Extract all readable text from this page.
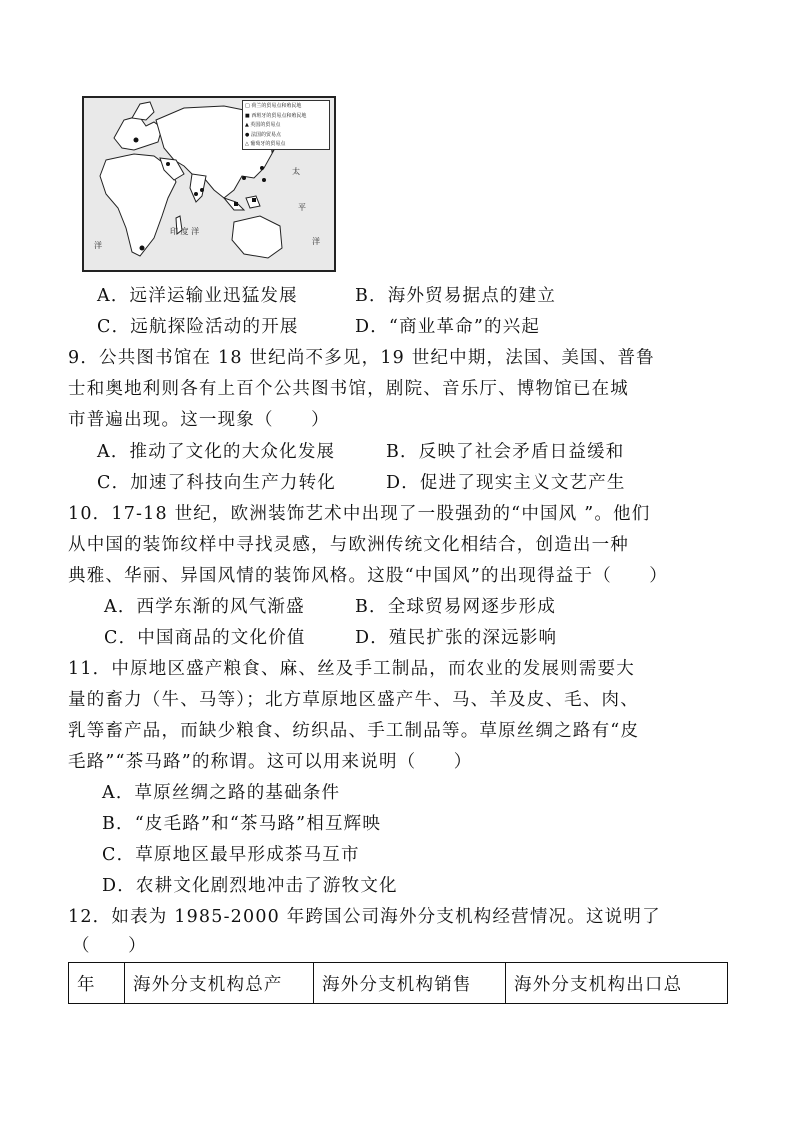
□ 荷兰的贸易点和殖民地
■ 西班牙的贸易点和殖民地
▲ 英国的贸易点
● 法国的贸易点
△ 葡萄牙的贸易点
太
平
洋
印 度 洋
洋
A．远洋运输业迅猛发展	B．海外贸易据点的建立
C．远航探险活动的开展	D．“商业革命”的兴起
9．公共图书馆在 18 世纪尚不多见，19 世纪中期，法国、美国、普鲁
士和奥地利则各有上百个公共图书馆，剧院、音乐厅、博物馆已在城
市普遍出现。这一现象（　　）
A．推动了文化的大众化发展	B．反映了社会矛盾日益缓和
C．加速了科技向生产力转化	D．促进了现实主义文艺产生
10．17-18 世纪，欧洲装饰艺术中出现了一股强劲的“中国风 ”。他们
从中国的装饰纹样中寻找灵感，与欧洲传统文化相结合，创造出一种
典雅、华丽、异国风情的装饰风格。这股“中国风”的出现得益于（　　）
A．西学东渐的风气渐盛	B．全球贸易网逐步形成
C．中国商品的文化价值	D．殖民扩张的深远影响
11．中原地区盛产粮食、麻、丝及手工制品，而农业的发展则需要大
量的畜力（牛、马等）；北方草原地区盛产牛、马、羊及皮、毛、肉、
乳等畜产品，而缺少粮食、纺织品、手工制品等。草原丝绸之路有“皮
毛路”“茶马路”的称谓。这可以用来说明（　　）
A．草原丝绸之路的基础条件
B．“皮毛路”和“茶马路”相互辉映
C．草原地区最早形成茶马互市
D．农耕文化剧烈地冲击了游牧文化
12．如表为 1985-2000 年跨国公司海外分支机构经营情况。这说明了
（　　）
年	海外分支机构总产	海外分支机构销售	海外分支机构出口总
